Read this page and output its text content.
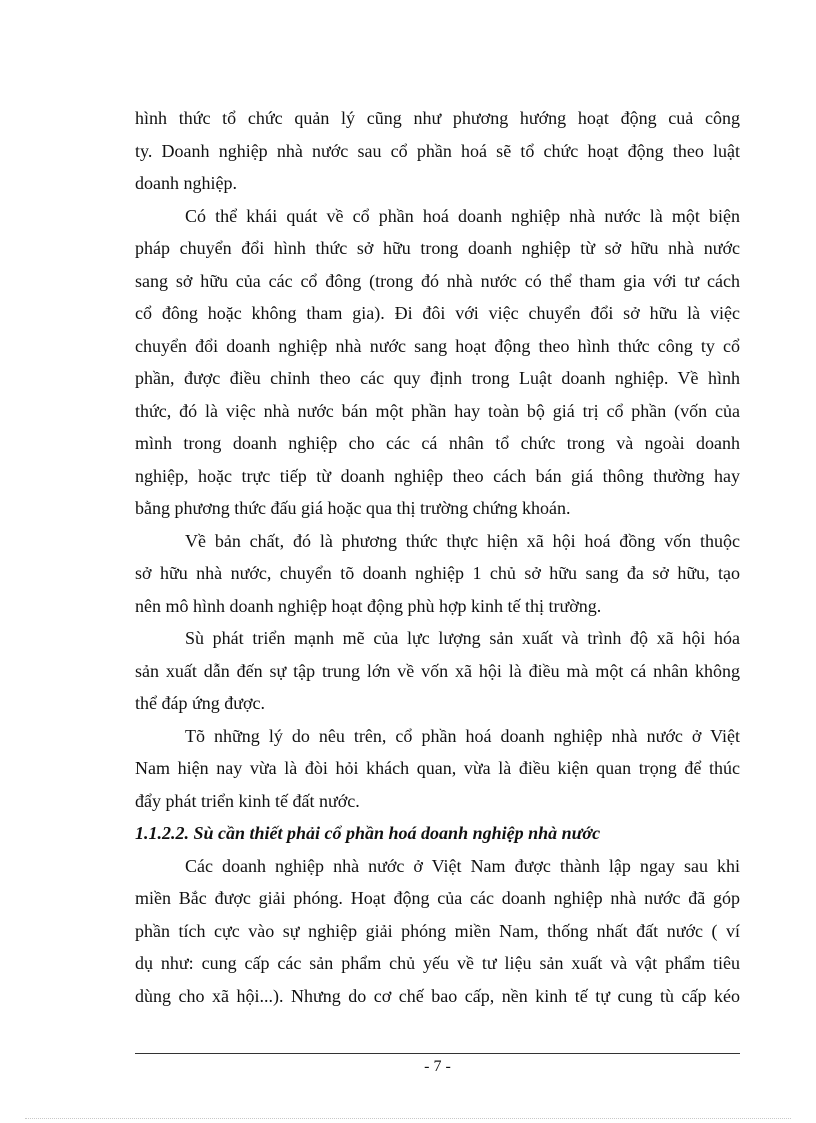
hình thức tổ chức quản lý cũng như phương hướng hoạt động cuả công
ty. Doanh nghiệp nhà nước sau cổ phần hoá sẽ tổ chức hoạt động theo luật
doanh nghiệp.

Có thể khái quát về cổ phần hoá doanh nghiệp nhà nước là một biện
pháp chuyển đổi hình thức sở hữu trong doanh nghiệp từ sở hữu nhà nước
sang sở hữu của các cổ đông (trong đó nhà nước có thể tham gia với tư cách
cổ đông hoặc không tham gia). Đi đôi với việc chuyển đổi sở hữu là việc
chuyển đổi doanh nghiệp nhà nước sang hoạt động theo hình thức công ty cổ
phần, được điều chỉnh theo các quy định trong Luật doanh nghiệp. Về hình
thức, đó là việc nhà nước bán một phần hay toàn bộ giá trị cổ phần (vốn của
mình trong doanh nghiệp cho các cá nhân tổ chức trong và ngoài doanh
nghiệp, hoặc trực tiếp từ doanh nghiệp theo cách bán giá thông thường hay
bằng phương thức đấu giá hoặc qua thị trường chứng khoán.

Về bản chất, đó là phương thức thực hiện xã hội hoá đồng vốn thuộc
sở hữu nhà nước, chuyển tõ doanh nghiệp 1 chủ sở hữu sang đa sở hữu, tạo
nên mô hình doanh nghiệp hoạt động phù hợp kinh tế thị trường.

Sù phát triển mạnh mẽ của lực lượng sản xuất và trình độ xã hội hóa
sản xuất dẫn đến sự tập trung lớn về vốn xã hội là điều mà một cá nhân không
thể đáp ứng được.

Tõ những lý do nêu trên, cổ phần hoá doanh nghiệp nhà nước ở Việt
Nam hiện nay vừa là đòi hỏi khách quan, vừa là điều kiện quan trọng để thúc
đẩy phát triển kinh tế đất nước.

1.1.2.2. Sù cần thiết phải cổ phần hoá doanh nghiệp nhà nước

Các doanh nghiệp nhà nước ở Việt Nam được thành lập ngay sau khi
miền Bắc được giải phóng. Hoạt động của các doanh nghiệp nhà nước đã góp
phần tích cực vào sự nghiệp giải phóng miền Nam, thống nhất đất nước ( ví
dụ như: cung cấp các sản phẩm chủ yếu về tư liệu sản xuất và vật phẩm tiêu
dùng cho xã hội...). Nhưng do cơ chế bao cấp, nền kinh tế tự cung tù cấp kéo

- 7 -
